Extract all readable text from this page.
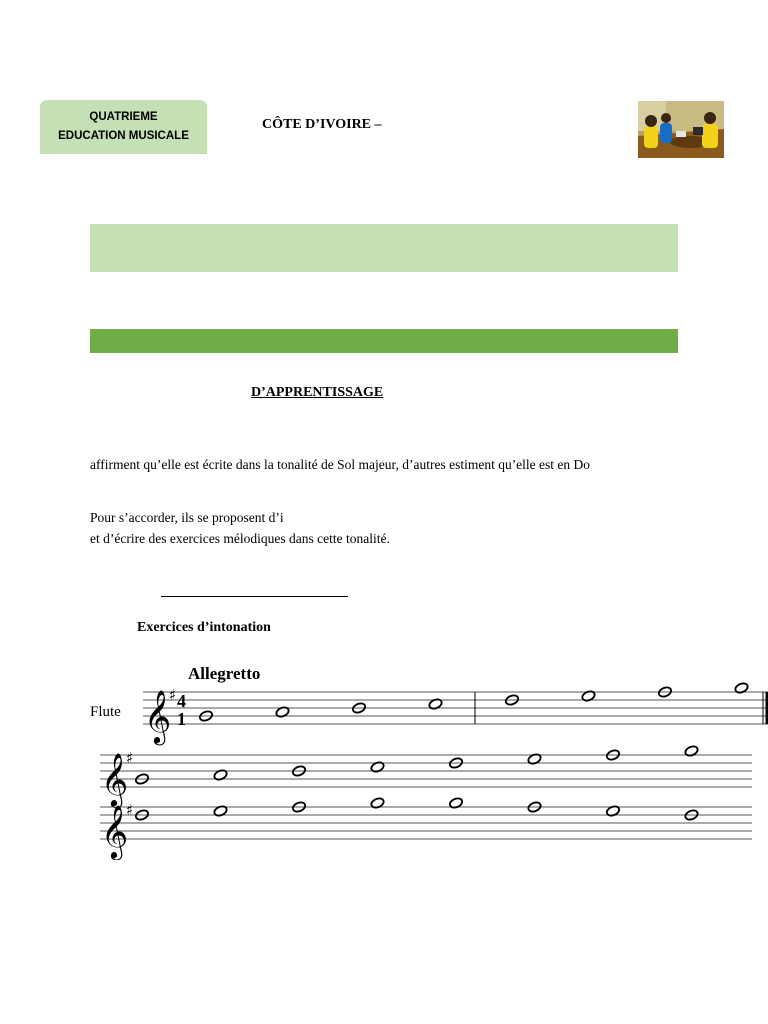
QUATRIEME
EDUCATION MUSICALE
CÔTE D’IVOIRE –
D’APPRENTISSAGE
affirment qu’elle est écrite dans la tonalité de Sol majeur, d’autres estiment qu’elle est en Do
Pour s’accorder, ils se proposent d’i
et d’écrire des exercices mélodiques dans cette tonalité.
Exercices d’intonation
Allegretto
Flute 𝄞
♯ 4
1
𝄞
♯
𝄞
♯
